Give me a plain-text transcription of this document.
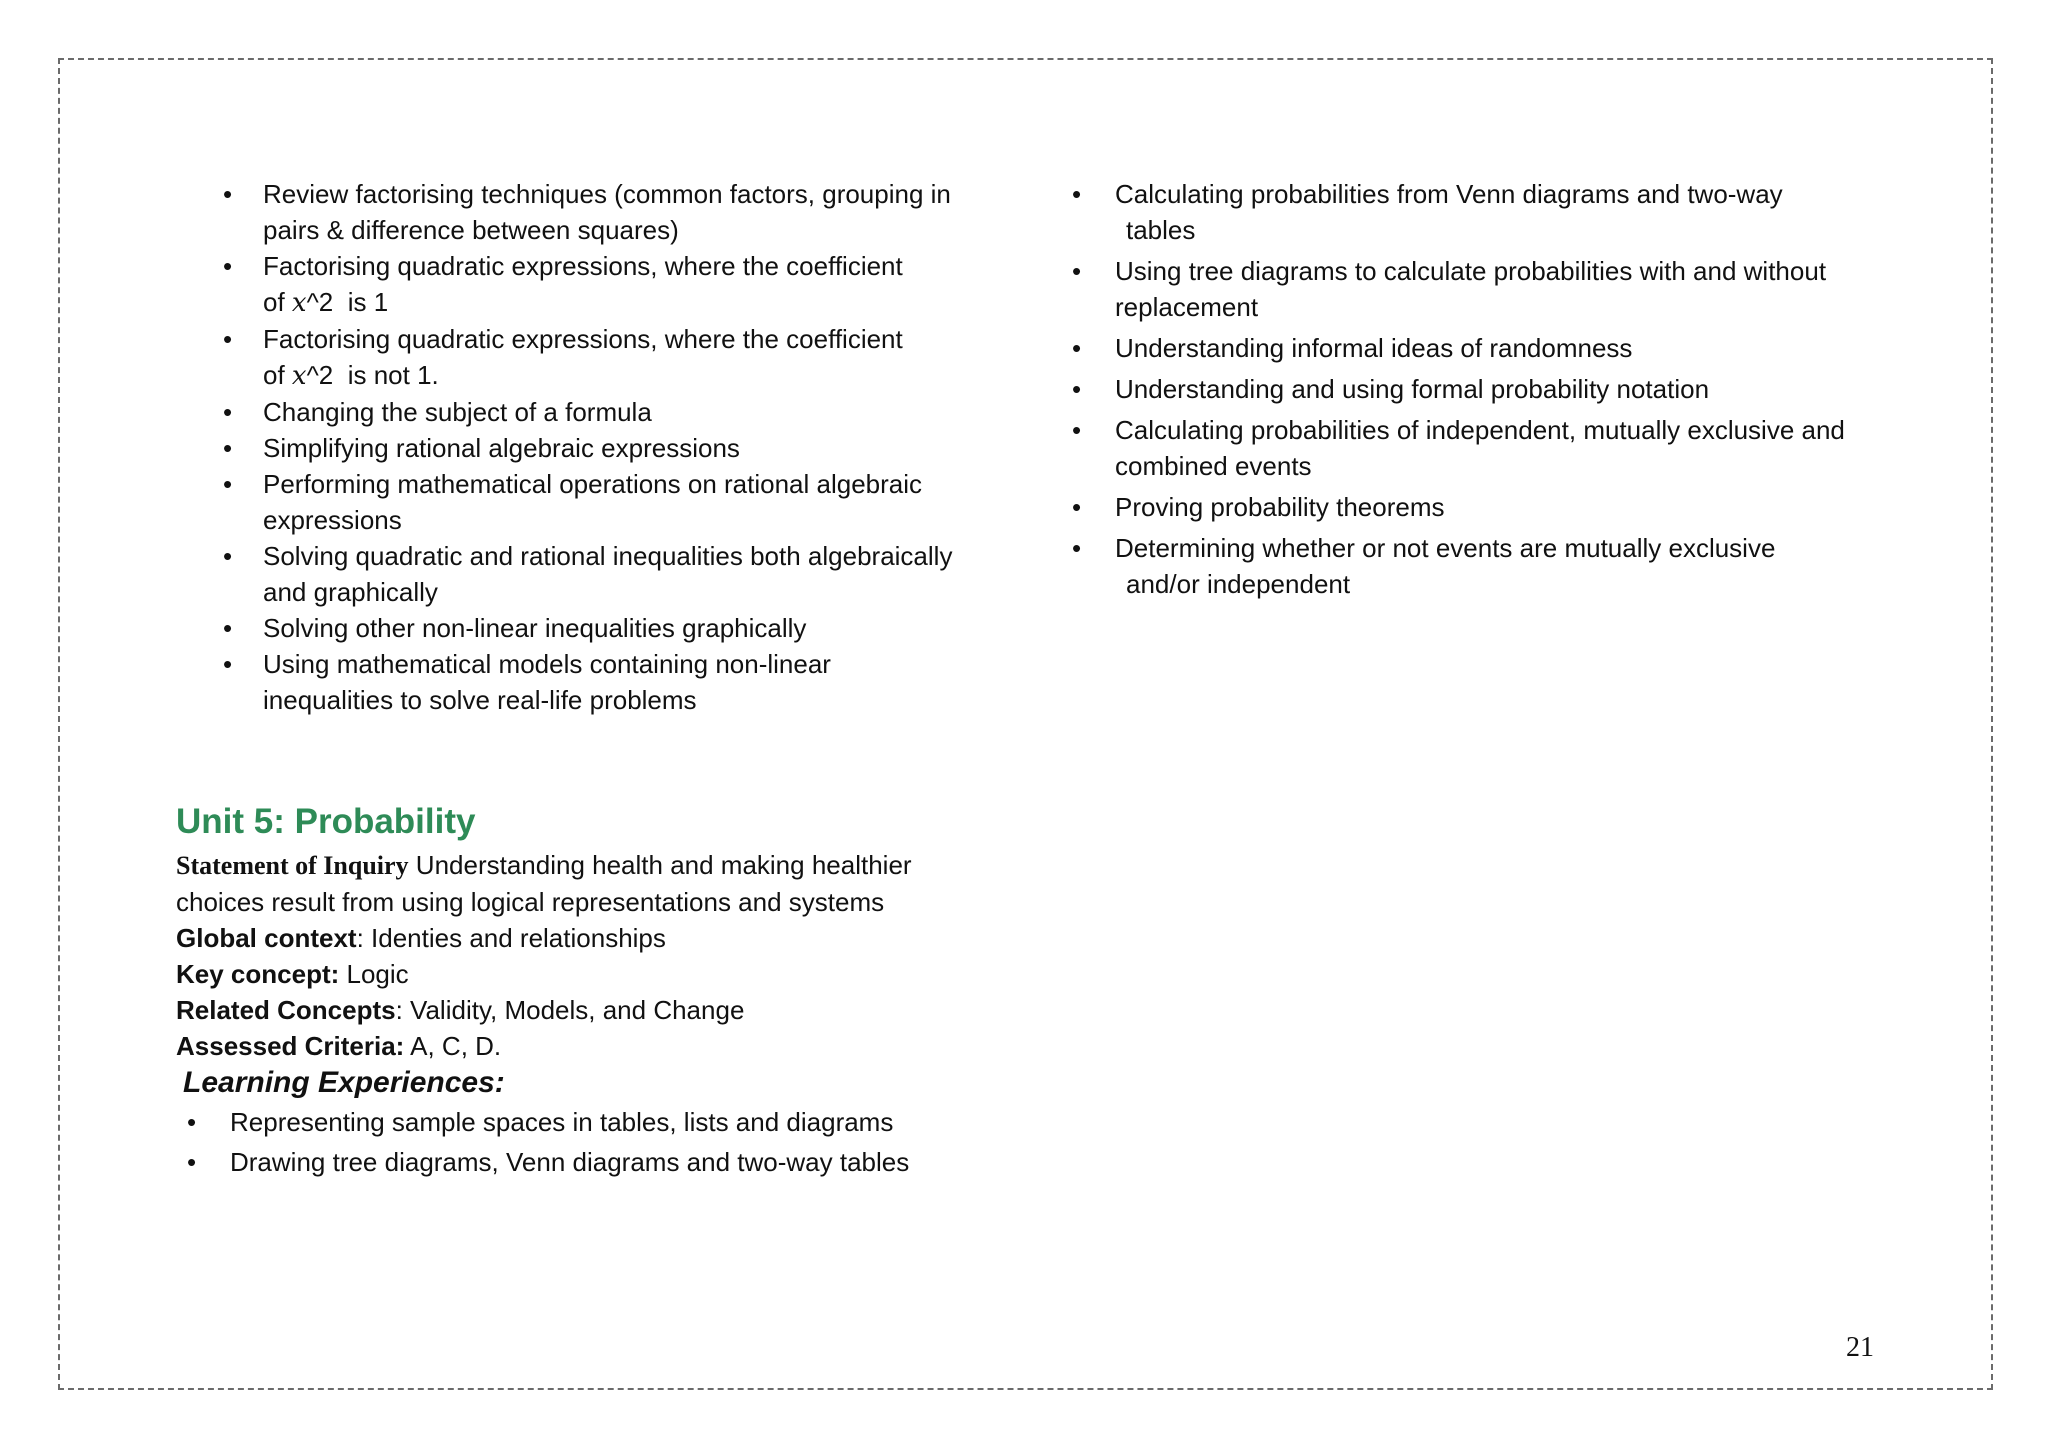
• Review factorising techniques (common factors, grouping in
pairs & difference between squares)
• Factorising quadratic expressions, where the coefficient
of x^2  is 1
• Factorising quadratic expressions, where the coefficient
of x^2  is not 1.
• Changing the subject of a formula
• Simplifying rational algebraic expressions
• Performing mathematical operations on rational algebraic
expressions
• Solving quadratic and rational inequalities both algebraically
and graphically
• Solving other non-linear inequalities graphically
• Using mathematical models containing non-linear
inequalities to solve real-life problems
• Calculating probabilities from Venn diagrams and two-way
tables
• Using tree diagrams to calculate probabilities with and without
replacement
• Understanding informal ideas of randomness
• Understanding and using formal probability notation
• Calculating probabilities of independent, mutually exclusive and
combined events
• Proving probability theorems
• Determining whether or not events are mutually exclusive
and/or independent
Unit 5: Probability
Statement of Inquiry Understanding health and making healthier
choices result from using logical representations and systems
Global context: Identies and relationships
Key concept: Logic
Related Concepts: Validity, Models, and Change
Assessed Criteria: A, C, D.
Learning Experiences:
• Representing sample spaces in tables, lists and diagrams
• Drawing tree diagrams, Venn diagrams and two-way tables
21
